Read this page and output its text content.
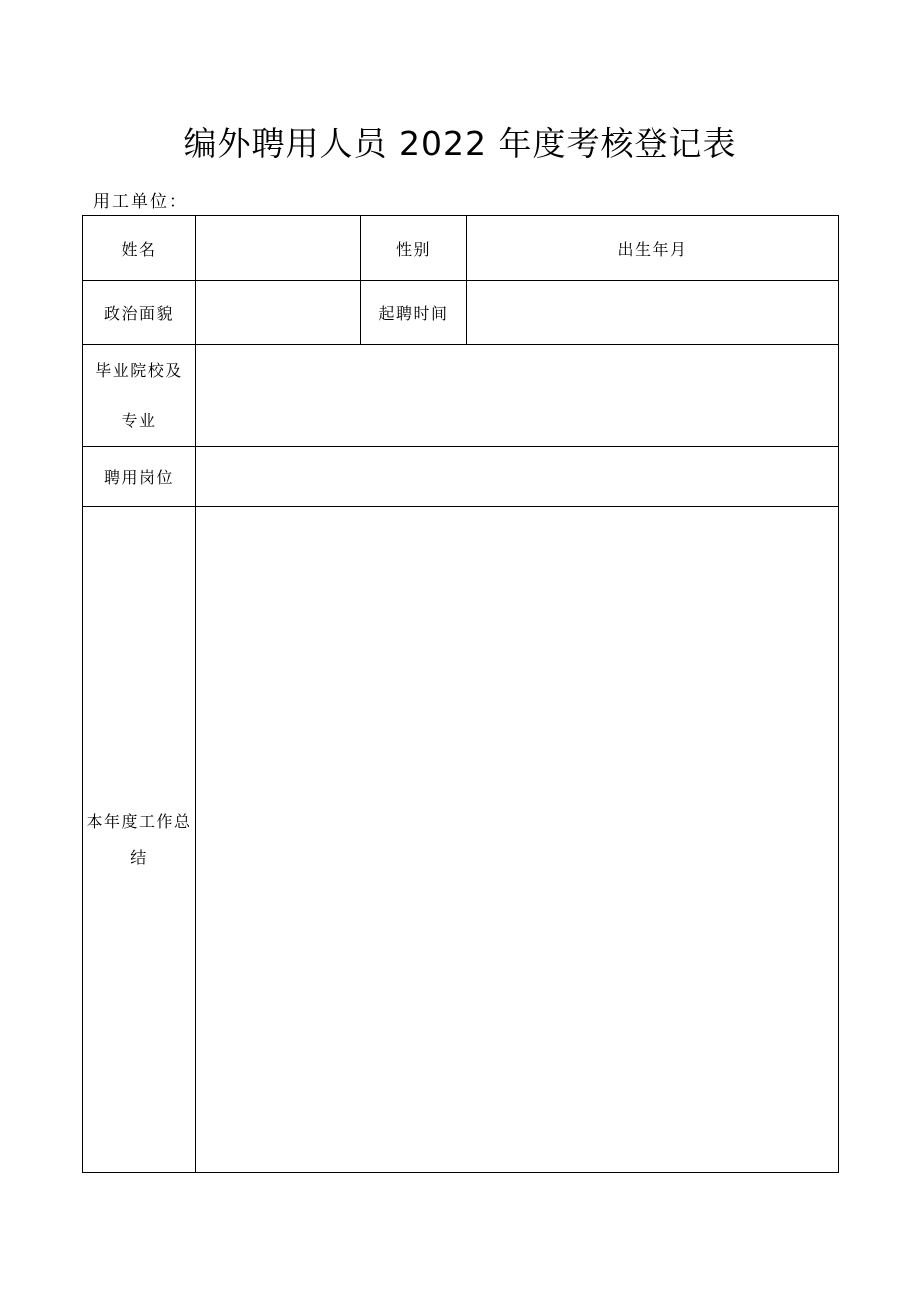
编外聘用人员 2022 年度考核登记表
用工单位：
姓名		性别	出生年月
政治面貌		起聘时间	

毕业院校及
专业			

聘用岗位			

本年度工作总
结			
